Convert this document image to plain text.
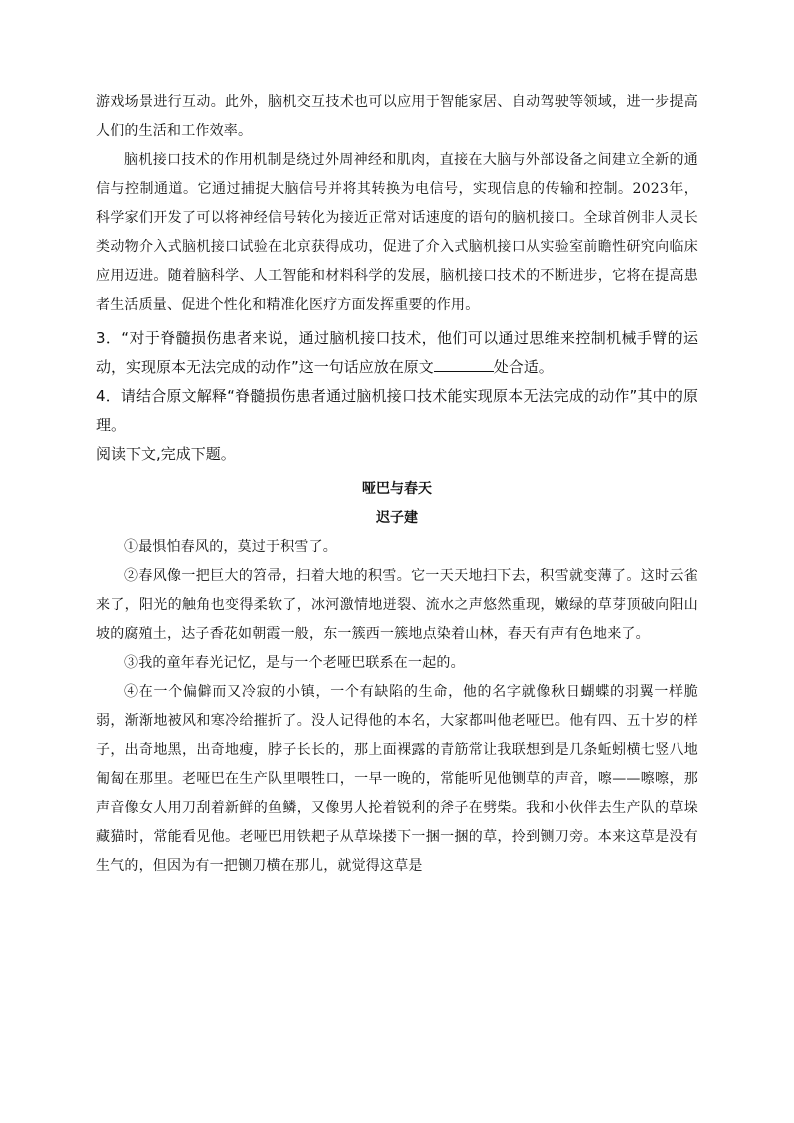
游戏场景进行互动。此外，脑机交互技术也可以应用于智能家居、自动驾驶等领域，进一步提高人们的生活和工作效率。

脑机接口技术的作用机制是绕过外周神经和肌肉，直接在大脑与外部设备之间建立全新的通信与控制通道。它通过捕捉大脑信号并将其转换为电信号，实现信息的传输和控制。2023年，科学家们开发了可以将神经信号转化为接近正常对话速度的语句的脑机接口。全球首例非人灵长类动物介入式脑机接口试验在北京获得成功，促进了介入式脑机接口从实验室前瞻性研究向临床应用迈进。随着脑科学、人工智能和材料科学的发展，脑机接口技术的不断进步，它将在提高患者生活质量、促进个性化和精准化医疗方面发挥重要的作用。

3．“对于脊髓损伤患者来说，通过脑机接口技术，他们可以通过思维来控制机械手臂的运动，实现原本无法完成的动作”这一句话应放在原文	处合适。

4．请结合原文解释“脊髓损伤患者通过脑机接口技术能实现原本无法完成的动作”其中的原理。

阅读下文,完成下题。

哑巴与春天

迟子建

①最惧怕春风的，莫过于积雪了。

②春风像一把巨大的笤帚，扫着大地的积雪。它一天天地扫下去，积雪就变薄了。这时云雀来了，阳光的触角也变得柔软了，冰河激情地迸裂、流水之声悠然重现，嫩绿的草芽顶破向阳山坡的腐殖土，达子香花如朝霞一般，东一簇西一簇地点染着山林，春天有声有色地来了。

③我的童年春光记忆，是与一个老哑巴联系在一起的。

④在一个偏僻而又冷寂的小镇，一个有缺陷的生命，他的名字就像秋日蝴蝶的羽翼一样脆弱，渐渐地被风和寒冷给摧折了。没人记得他的本名，大家都叫他老哑巴。他有四、五十岁的样子，出奇地黑，出奇地瘦，脖子长长的，那上面裸露的青筋常让我联想到是几条蚯蚓横七竖八地匍匐在那里。老哑巴在生产队里喂牲口，一早一晚的，常能听见他铡草的声音，嚓——嚓嚓，那声音像女人用刀刮着新鲜的鱼鳞，又像男人抡着锐利的斧子在劈柴。我和小伙伴去生产队的草垛藏猫时，常能看见他。老哑巴用铁耙子从草垛搂下一捆一捆的草，拎到铡刀旁。本来这草是没有生气的，但因为有一把铡刀横在那儿，就觉得这草是
